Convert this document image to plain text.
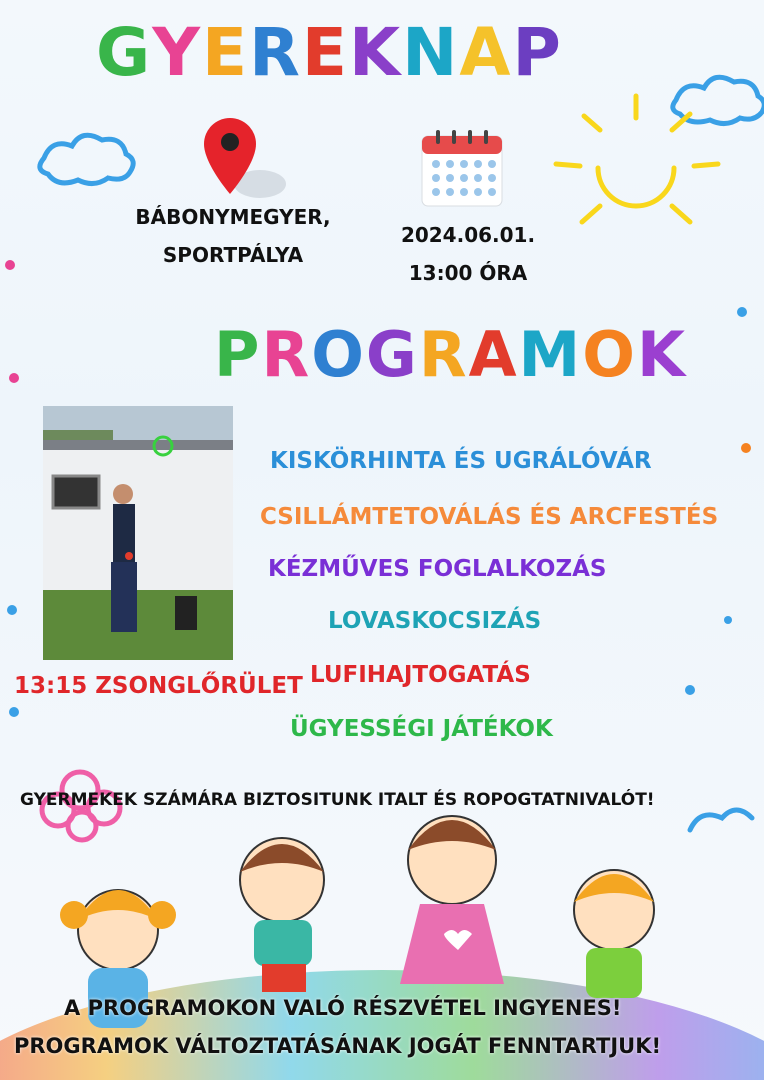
GYEREKNAP
BÁBONYMEGYER,
SPORTPÁLYA
2024.06.01.
13:00 ÓRA
PROGRAMOK
13:15 ZSONGLŐRÜLET
KISKÖRHINTA ÉS UGRÁLÓVÁR
CSILLÁMTETOVÁLÁS ÉS ARCFESTÉS
KÉZMŰVES FOGLALKOZÁS
LOVASKOCSIZÁS
LUFIHAJTOGATÁS
ÜGYESSÉGI JÁTÉKOK
GYERMEKEK SZÁMÁRA BIZTOSITUNK ITALT ÉS ROPOGTATNIVALÓT!
A PROGRAMOKON VALÓ RÉSZVÉTEL INGYENES!
PROGRAMOK VÁLTOZTATÁSÁNAK JOGÁT FENNTARTJUK!
